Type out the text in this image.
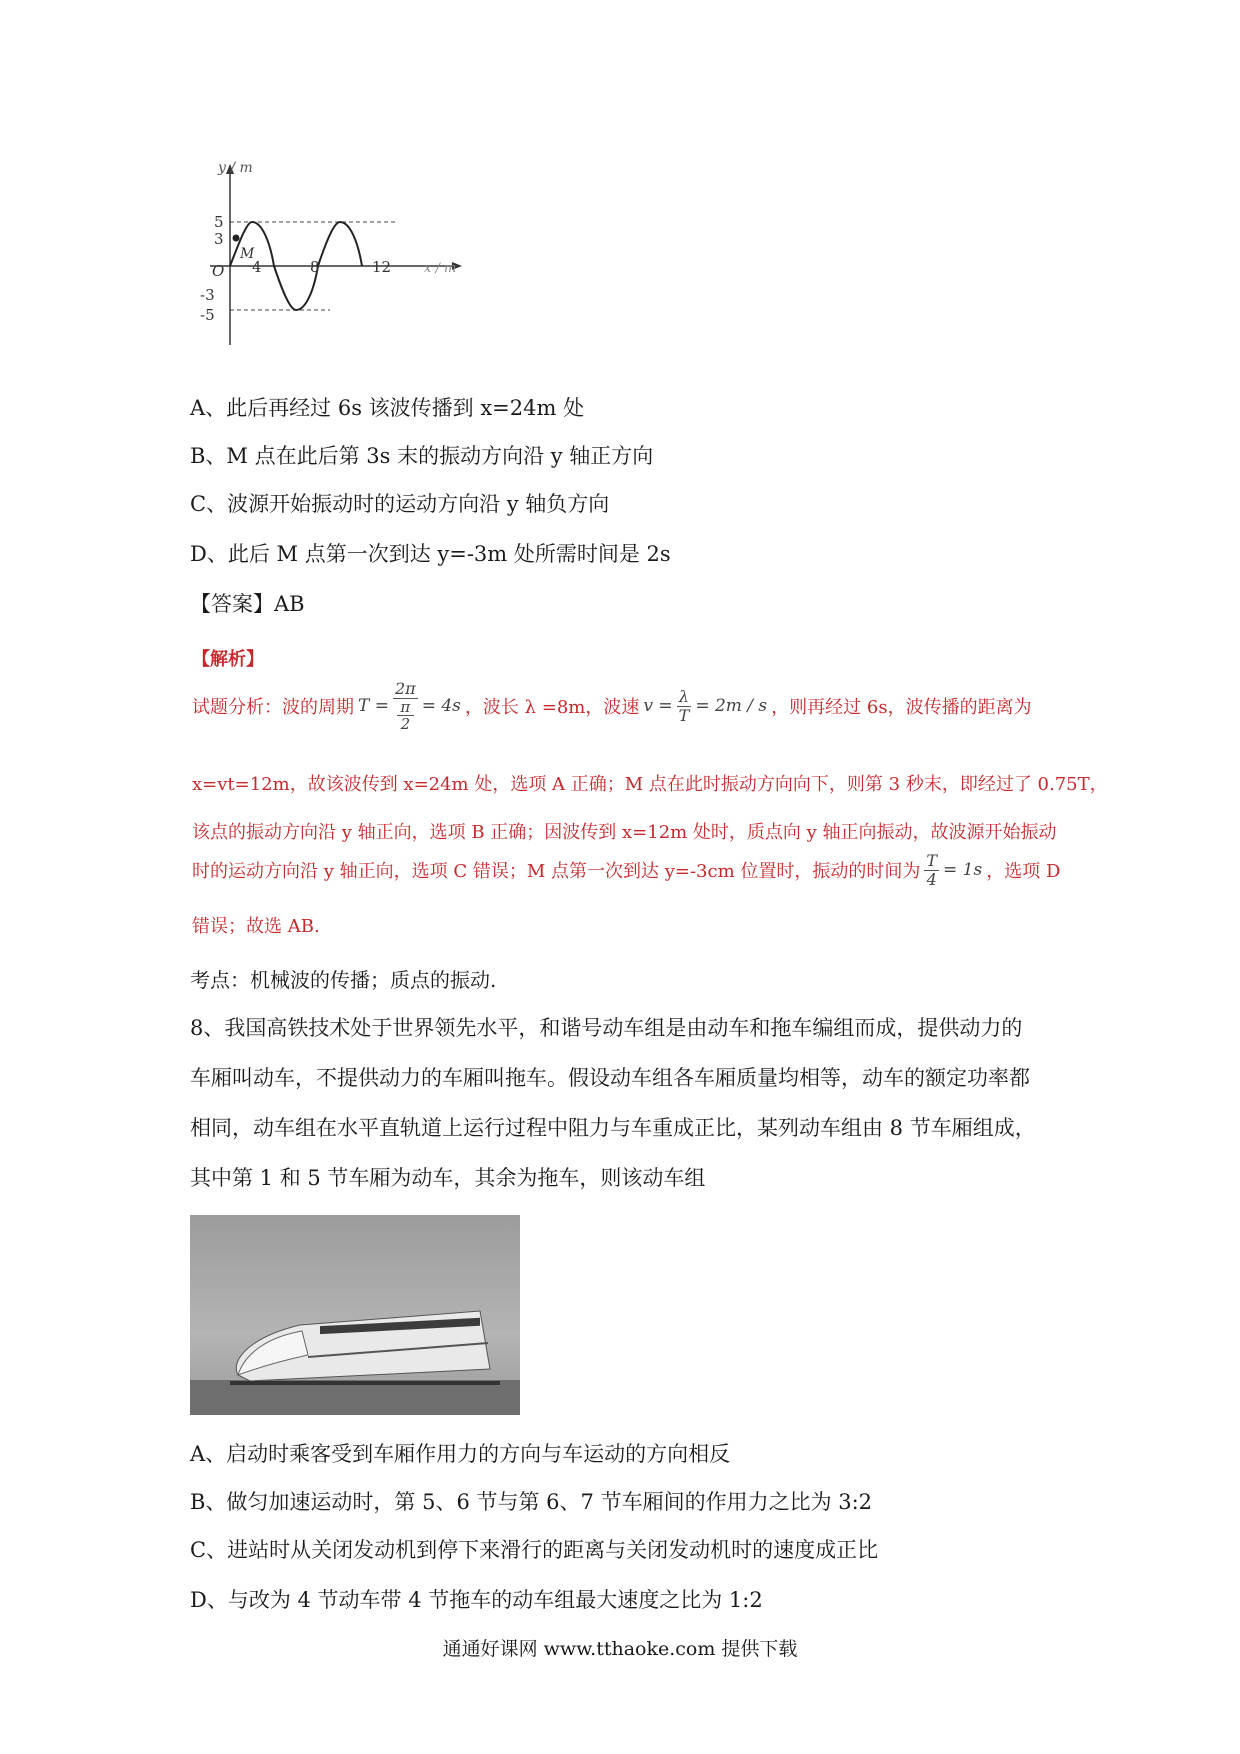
M
y / m
x / m
O
5
3
-3
-5
4	8	12
A、此后再经过 6s 该波传播到 x=24m 处
B、M 点在此后第 3s 末的振动方向沿 y 轴正方向
C、波源开始振动时的运动方向沿 y 轴负方向
D、此后 M 点第一次到达 y=-3m 处所需时间是 2s
【答案】AB
【解析】
试题分析：波的周期 T = 2π
π
2 = 4s ，波长 λ =8m，波速 $v = \frac{\lambda}{T} = 2m / s$ ，则再经过 6s，波传播的距离为
x=vt=12m，故该波传到 x=24m 处，选项 A 正确；M 点在此时振动方向向下，则第 3 秒末，即经过了 0.75T，
该点的振动方向沿 y 轴正向，选项 B 正确；因波传到 x=12m 处时，质点向 y 轴正向振动，故波源开始振动
时的运动方向沿 y 轴正向，选项 C 错误；M 点第一次到达 y=-3cm 位置时，振动的时间为 $\frac{T}{4} = 1s$ ，选项 D
错误；故选 AB.
考点：机械波的传播；质点的振动.
8、我国高铁技术处于世界领先水平，和谐号动车组是由动车和拖车编组而成，提供动力的
车厢叫动车，不提供动力的车厢叫拖车。假设动车组各车厢质量均相等，动车的额定功率都
相同，动车组在水平直轨道上运行过程中阻力与车重成正比，某列动车组由 8 节车厢组成，
其中第 1 和 5 节车厢为动车，其余为拖车，则该动车组
A、启动时乘客受到车厢作用力的方向与车运动的方向相反
B、做匀加速运动时，第 5、6 节与第 6、7 节车厢间的作用力之比为 3:2
C、进站时从关闭发动机到停下来滑行的距离与关闭发动机时的速度成正比
D、与改为 4 节动车带 4 节拖车的动车组最大速度之比为 1:2
通通好课网 www.tthaoke.com 提供下载
